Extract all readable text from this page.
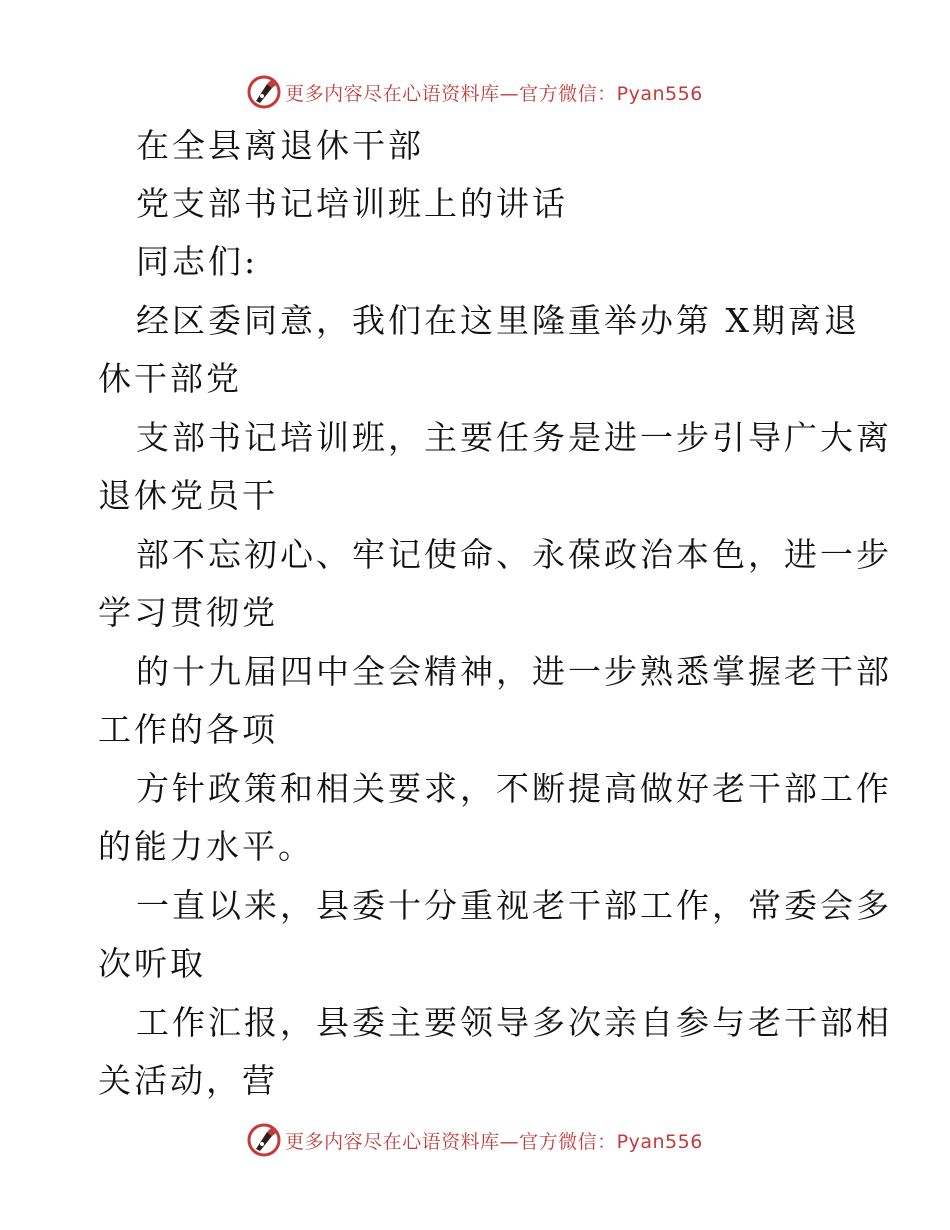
更多内容尽在心语资料库—官方微信：Pyan556
在全县离退休干部
党支部书记培训班上的讲话
同志们:
经区委同意，我们在这里隆重举办第 X期离退
休干部党
支部书记培训班，主要任务是进一步引导广大离
退休党员干
部不忘初心、牢记使命、永葆政治本色，进一步
学习贯彻党
的十九届四中全会精神，进一步熟悉掌握老干部
工作的各项
方针政策和相关要求，不断提高做好老干部工作
的能力水平。
一直以来，县委十分重视老干部工作，常委会多
次听取
工作汇报，县委主要领导多次亲自参与老干部相
关活动，营
更多内容尽在心语资料库—官方微信：Pyan556
